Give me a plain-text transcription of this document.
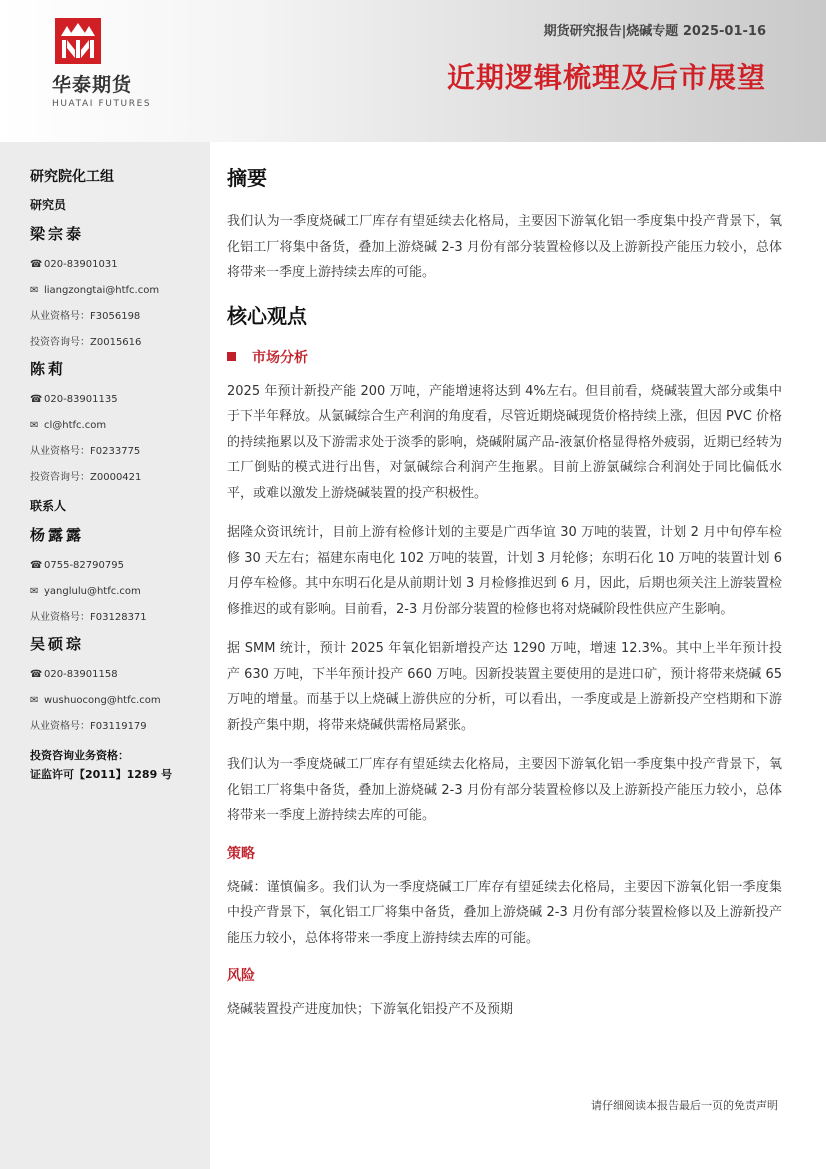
华泰期货
HUATAI FUTURES
期货研究报告|烧碱专题 2025-01-16
近期逻辑梳理及后市展望
研究院化工组
研究员
梁宗泰
☎ 020-83901031
✉ liangzongtai@htfc.com
从业资格号：F3056198
投资咨询号：Z0015616
陈莉
☎ 020-83901135
✉ cl@htfc.com
从业资格号：F0233775
投资咨询号：Z0000421
联系人
杨露露
☎ 0755-82790795
✉ yanglulu@htfc.com
从业资格号：F03128371
吴硕琮
☎ 020-83901158
✉ wushuocong@htfc.com
从业资格号：F03119179
投资咨询业务资格：
证监许可【2011】1289 号
摘要
我们认为一季度烧碱工厂库存有望延续去化格局，主要因下游氧化铝一季度集中投产背景下，氧化铝工厂将集中备货，叠加上游烧碱 2-3 月份有部分装置检修以及上游新投产能压力较小，总体将带来一季度上游持续去库的可能。
核心观点
市场分析
2025 年预计新投产能 200 万吨，产能增速将达到 4%左右。但目前看，烧碱装置大部分或集中于下半年释放。从氯碱综合生产利润的角度看，尽管近期烧碱现货价格持续上涨，但因 PVC 价格的持续拖累以及下游需求处于淡季的影响，烧碱附属产品-液氯价格显得格外疲弱，近期已经转为工厂倒贴的模式进行出售，对氯碱综合利润产生拖累。目前上游氯碱综合利润处于同比偏低水平，或难以激发上游烧碱装置的投产积极性。
据隆众资讯统计，目前上游有检修计划的主要是广西华谊 30 万吨的装置，计划 2 月中旬停车检修 30 天左右；福建东南电化 102 万吨的装置，计划 3 月轮修；东明石化 10 万吨的装置计划 6 月停车检修。其中东明石化是从前期计划 3 月检修推迟到 6 月，因此，后期也须关注上游装置检修推迟的或有影响。目前看，2-3 月份部分装置的检修也将对烧碱阶段性供应产生影响。
据 SMM 统计，预计 2025 年氧化铝新增投产达 1290 万吨，增速 12.3%。其中上半年预计投产 630 万吨，下半年预计投产 660 万吨。因新投装置主要使用的是进口矿，预计将带来烧碱 65 万吨的增量。而基于以上烧碱上游供应的分析，可以看出，一季度或是上游新投产空档期和下游新投产集中期，将带来烧碱供需格局紧张。
我们认为一季度烧碱工厂库存有望延续去化格局，主要因下游氧化铝一季度集中投产背景下，氧化铝工厂将集中备货，叠加上游烧碱 2-3 月份有部分装置检修以及上游新投产能压力较小，总体将带来一季度上游持续去库的可能。
策略
烧碱：谨慎偏多。我们认为一季度烧碱工厂库存有望延续去化格局，主要因下游氧化铝一季度集中投产背景下，氧化铝工厂将集中备货，叠加上游烧碱 2-3 月份有部分装置检修以及上游新投产能压力较小，总体将带来一季度上游持续去库的可能。
风险
烧碱装置投产进度加快；下游氧化铝投产不及预期
请仔细阅读本报告最后一页的免责声明
